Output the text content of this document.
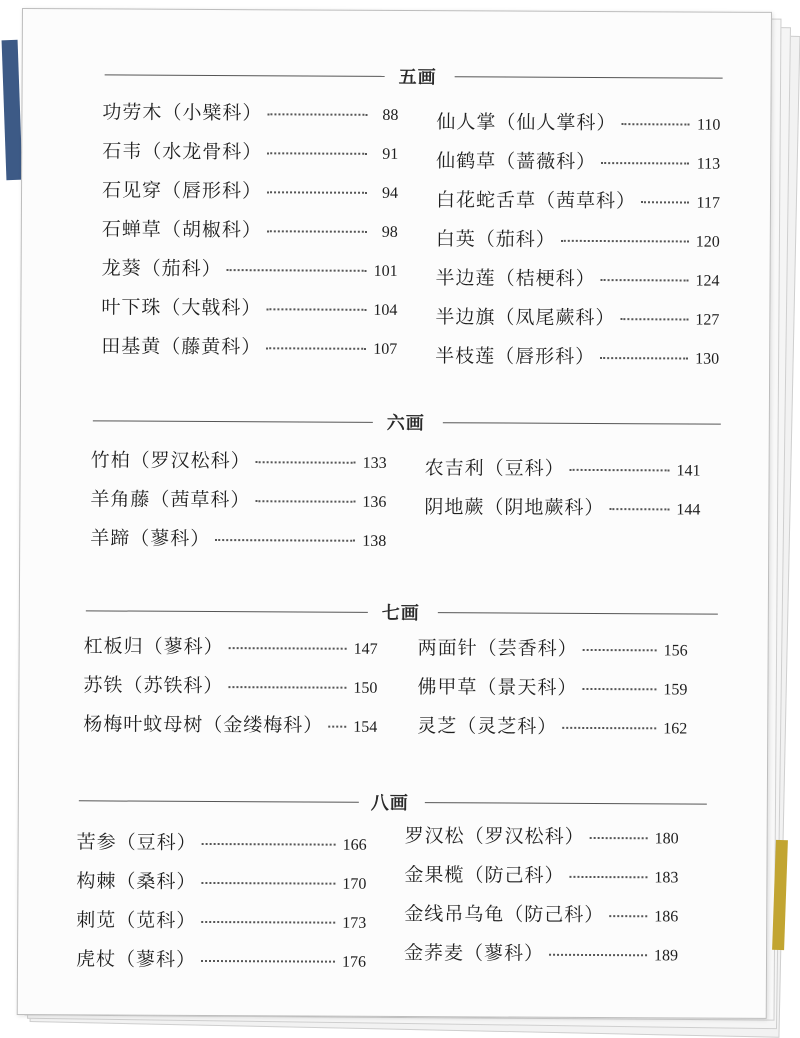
五画
功劳木 （小檗科）	88
石韦 （水龙骨科）	91
石见穿 （唇形科）	94
石蝉草 （胡椒科）	98
龙葵 （茄科）	101
叶下珠 （大戟科）	104
田基黄 （藤黄科）	107
仙人掌 （仙人掌科）	110
仙鹤草 （蔷薇科）	113
白花蛇舌草 （茜草科）	117
白英 （茄科）	120
半边莲 （桔梗科）	124
半边旗 （凤尾蕨科）	127
半枝莲 （唇形科）	130
六画
竹柏 （罗汉松科）	133
羊角藤 （茜草科）	136
羊蹄 （蓼科）	138
农吉利 （豆科）	141
阴地蕨 （阴地蕨科）	144
七画
杠板归 （蓼科）	147
苏铁 （苏铁科）	150
杨梅叶蚊母树 （金缕梅科） 154
两面针 （芸香科）	156
佛甲草 （景天科）	159
灵芝 （灵芝科）	162
八画
苦参 （豆科）	166
构棘 （桑科）	170
刺苋 （苋科）	173
虎杖 （蓼科）	176
罗汉松 （罗汉松科）	180
金果榄 （防己科）	183
金线吊乌龟 （防己科）	186
金荞麦 （蓼科）	189
